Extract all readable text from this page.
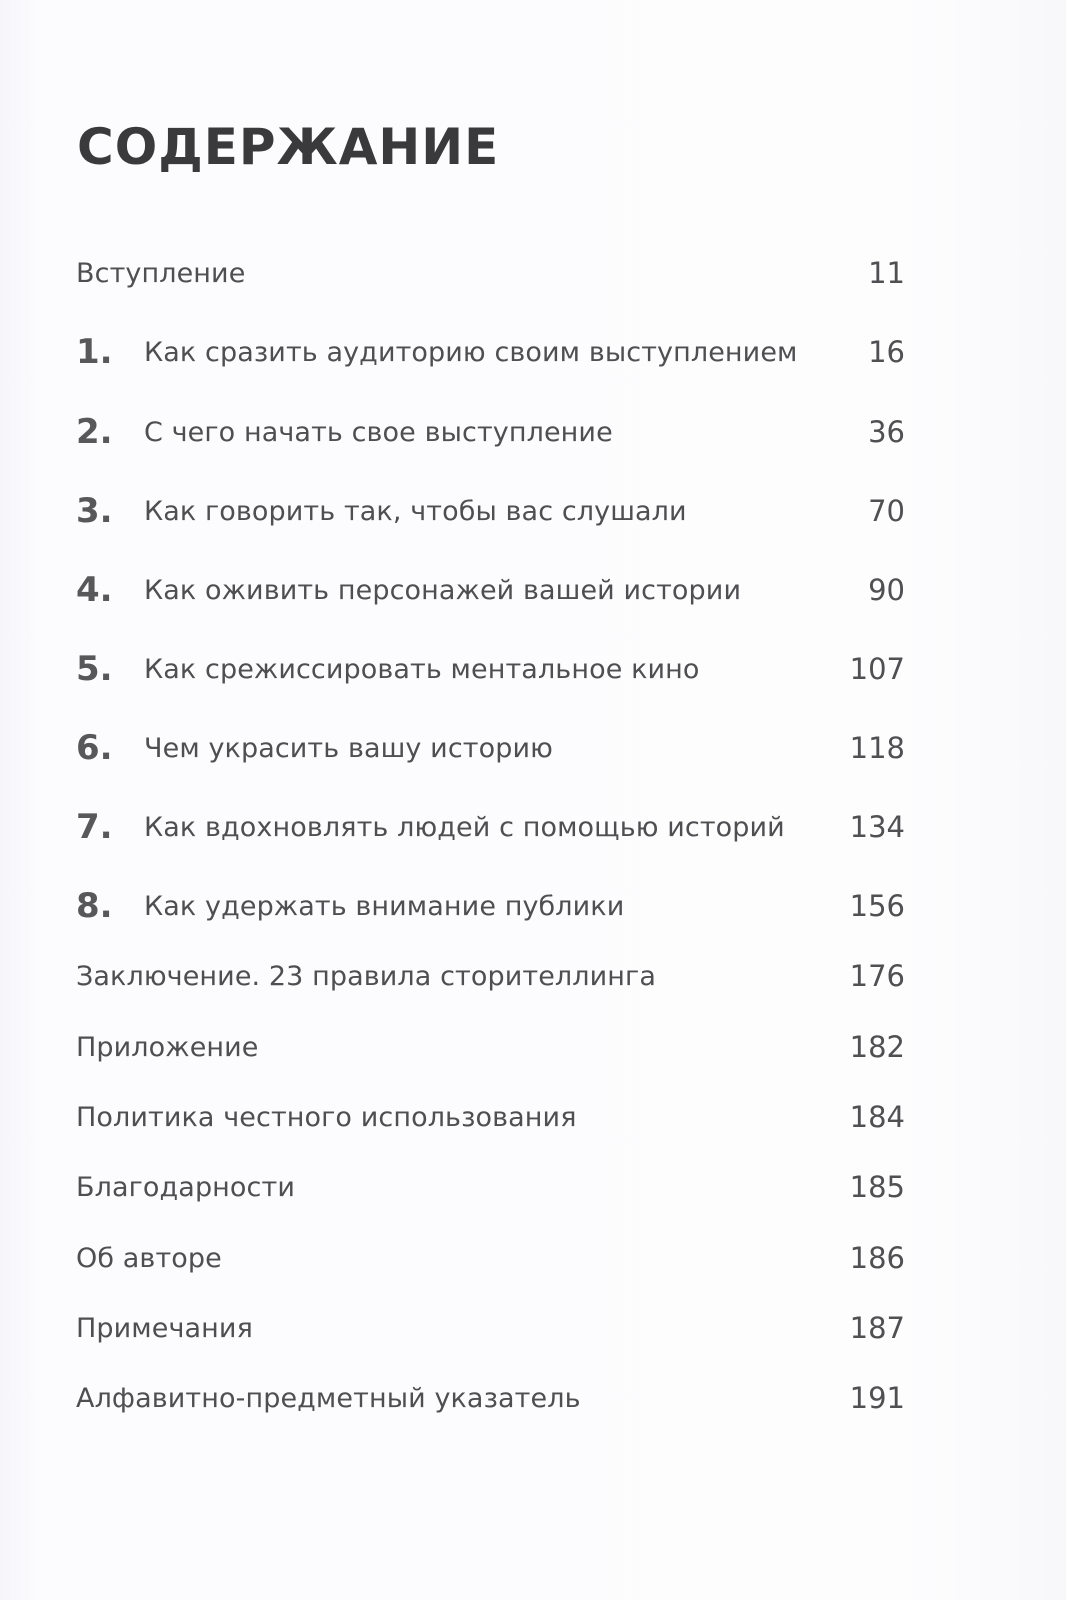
СОДЕРЖАНИЕ
Вступление	11
1.	Как сразить аудиторию своим выступлением	16
2.	С чего начать свое выступление	36
3.	Как говорить так, чтобы вас слушали	70
4.	Как оживить персонажей вашей истории	90
5.	Как срежиссировать ментальное кино	107
6.	Чем украсить вашу историю	118
7.	Как вдохновлять людей с помощью историй	134
8.	Как удержать внимание публики	156
Заключение. 23 правила сторителлинга	176
Приложение	182
Политика честного использования	184
Благодарности	185
Об авторе	186
Примечания	187
Алфавитно-предметный указатель	191
